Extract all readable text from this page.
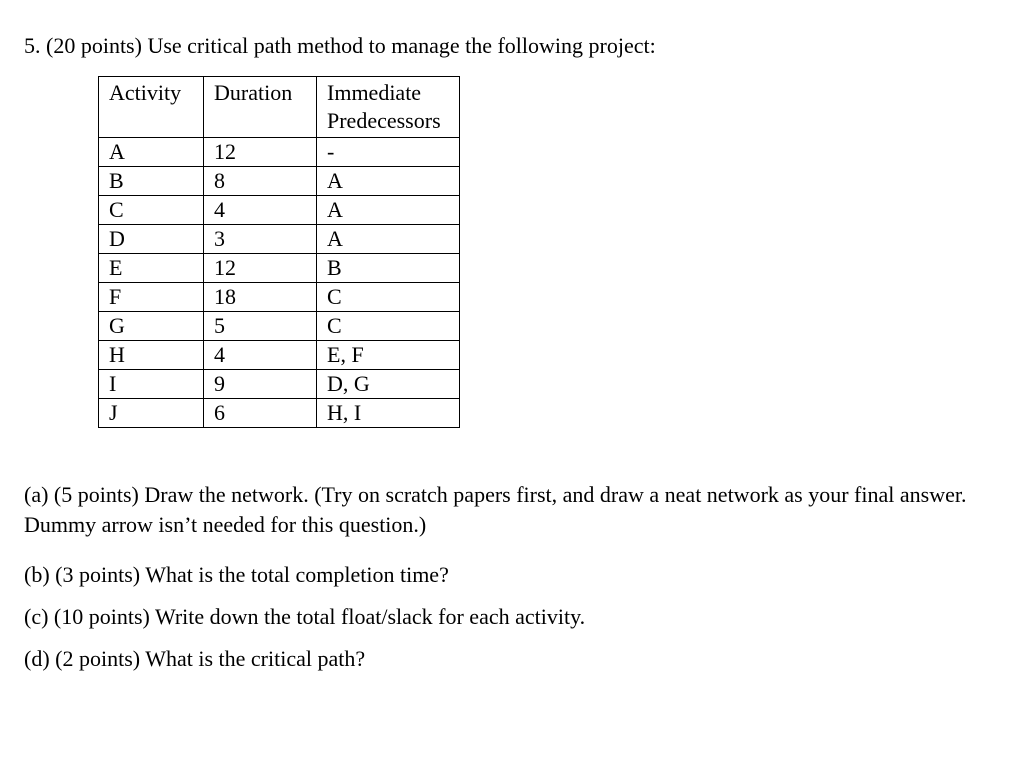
5. (20 points) Use critical path method to manage the following project:
Activity	Duration	Immediate
Predecessors
A	12	-
B	8	A
C	4	A
D	3	A
E	12	B
F	18	C
G	5	C
H	4	E, F
I	9	D, G
J	6	H, I

(a) (5 points) Draw the network. (Try on scratch papers first, and draw a neat network as your final answer. Dummy arrow isn’t needed for this question.)

(b) (3 points) What is the total completion time?

(c) (10 points) Write down the total float/slack for each activity.

(d) (2 points) What is the critical path?
